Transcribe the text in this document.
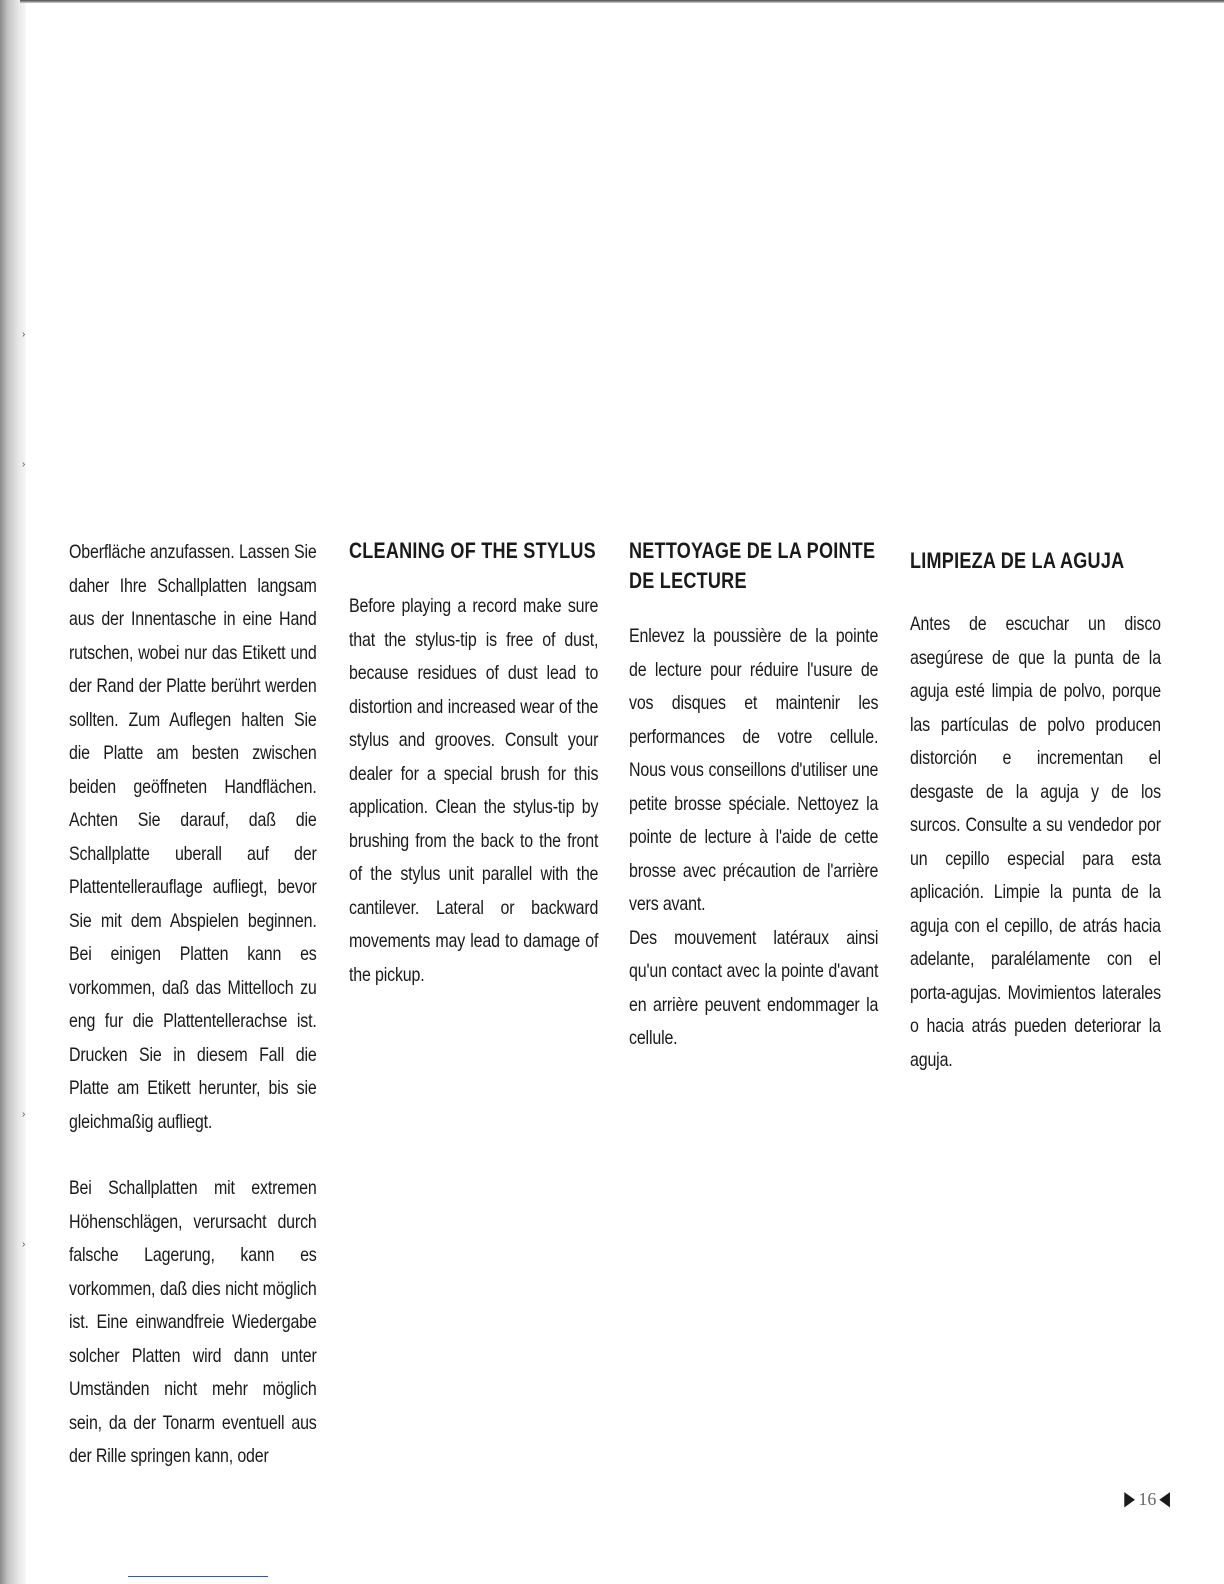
›
›
›
›

Oberfläche anzufassen. Lassen Sie daher Ihre Schallplatten langsam aus der Innentasche in eine Hand rutschen, wobei nur das Etikett und der Rand der Platte berührt werden sollten. Zum Auflegen halten Sie die Platte am besten zwischen beiden geöffneten Handflächen. Achten Sie darauf, daß die Schallplatte uberall auf der Plattentellerauflage aufliegt, bevor Sie mit dem Abspielen beginnen. Bei einigen Platten kann es vorkommen, daß das Mittelloch zu eng fur die Plattentellerachse ist. Drucken Sie in diesem Fall die Platte am Etikett herunter, bis sie gleichmaßig aufliegt.

Bei Schallplatten mit extremen Höhenschlägen, verursacht durch falsche Lagerung, kann es vorkommen, daß dies nicht möglich ist. Eine einwandfreie Wiedergabe solcher Platten wird dann unter Umständen nicht mehr möglich sein, da der Tonarm eventuell aus der Rille springen kann, oder

CLEANING OF THE STYLUS

Before playing a record make sure that the stylus-tip is free of dust, because residues of dust lead to distortion and increased wear of the stylus and grooves. Consult your dealer for a special brush for this application. Clean the stylus-tip by brushing from the back to the front of the stylus unit parallel with the cantilever. Lateral or backward movements may lead to damage of the pickup.

NETTOYAGE DE LA POINTE DE LECTURE

Enlevez la poussière de la pointe de lecture pour réduire l'usure de vos disques et maintenir les performances de votre cellule. Nous vous conseillons d'utiliser une petite brosse spéciale. Nettoyez la pointe de lecture à l'aide de cette brosse avec précaution de l'arrière vers avant.

Des mouvement latéraux ainsi qu'un contact avec la pointe d'avant en arrière peuvent endommager la cellule.

LIMPIEZA DE LA AGUJA

Antes de escuchar un disco asegúrese de que la punta de la aguja esté limpia de polvo, porque las partículas de polvo producen distorción e incrementan el desgaste de la aguja y de los surcos. Consulte a su vendedor por un cepillo especial para esta aplicación. Limpie la punta de la aguja con el cepillo, de atrás hacia adelante, paralélamente con el porta-agujas. Movimientos laterales o hacia atrás pueden deteriorar la aguja.

▶ 16 ◀
